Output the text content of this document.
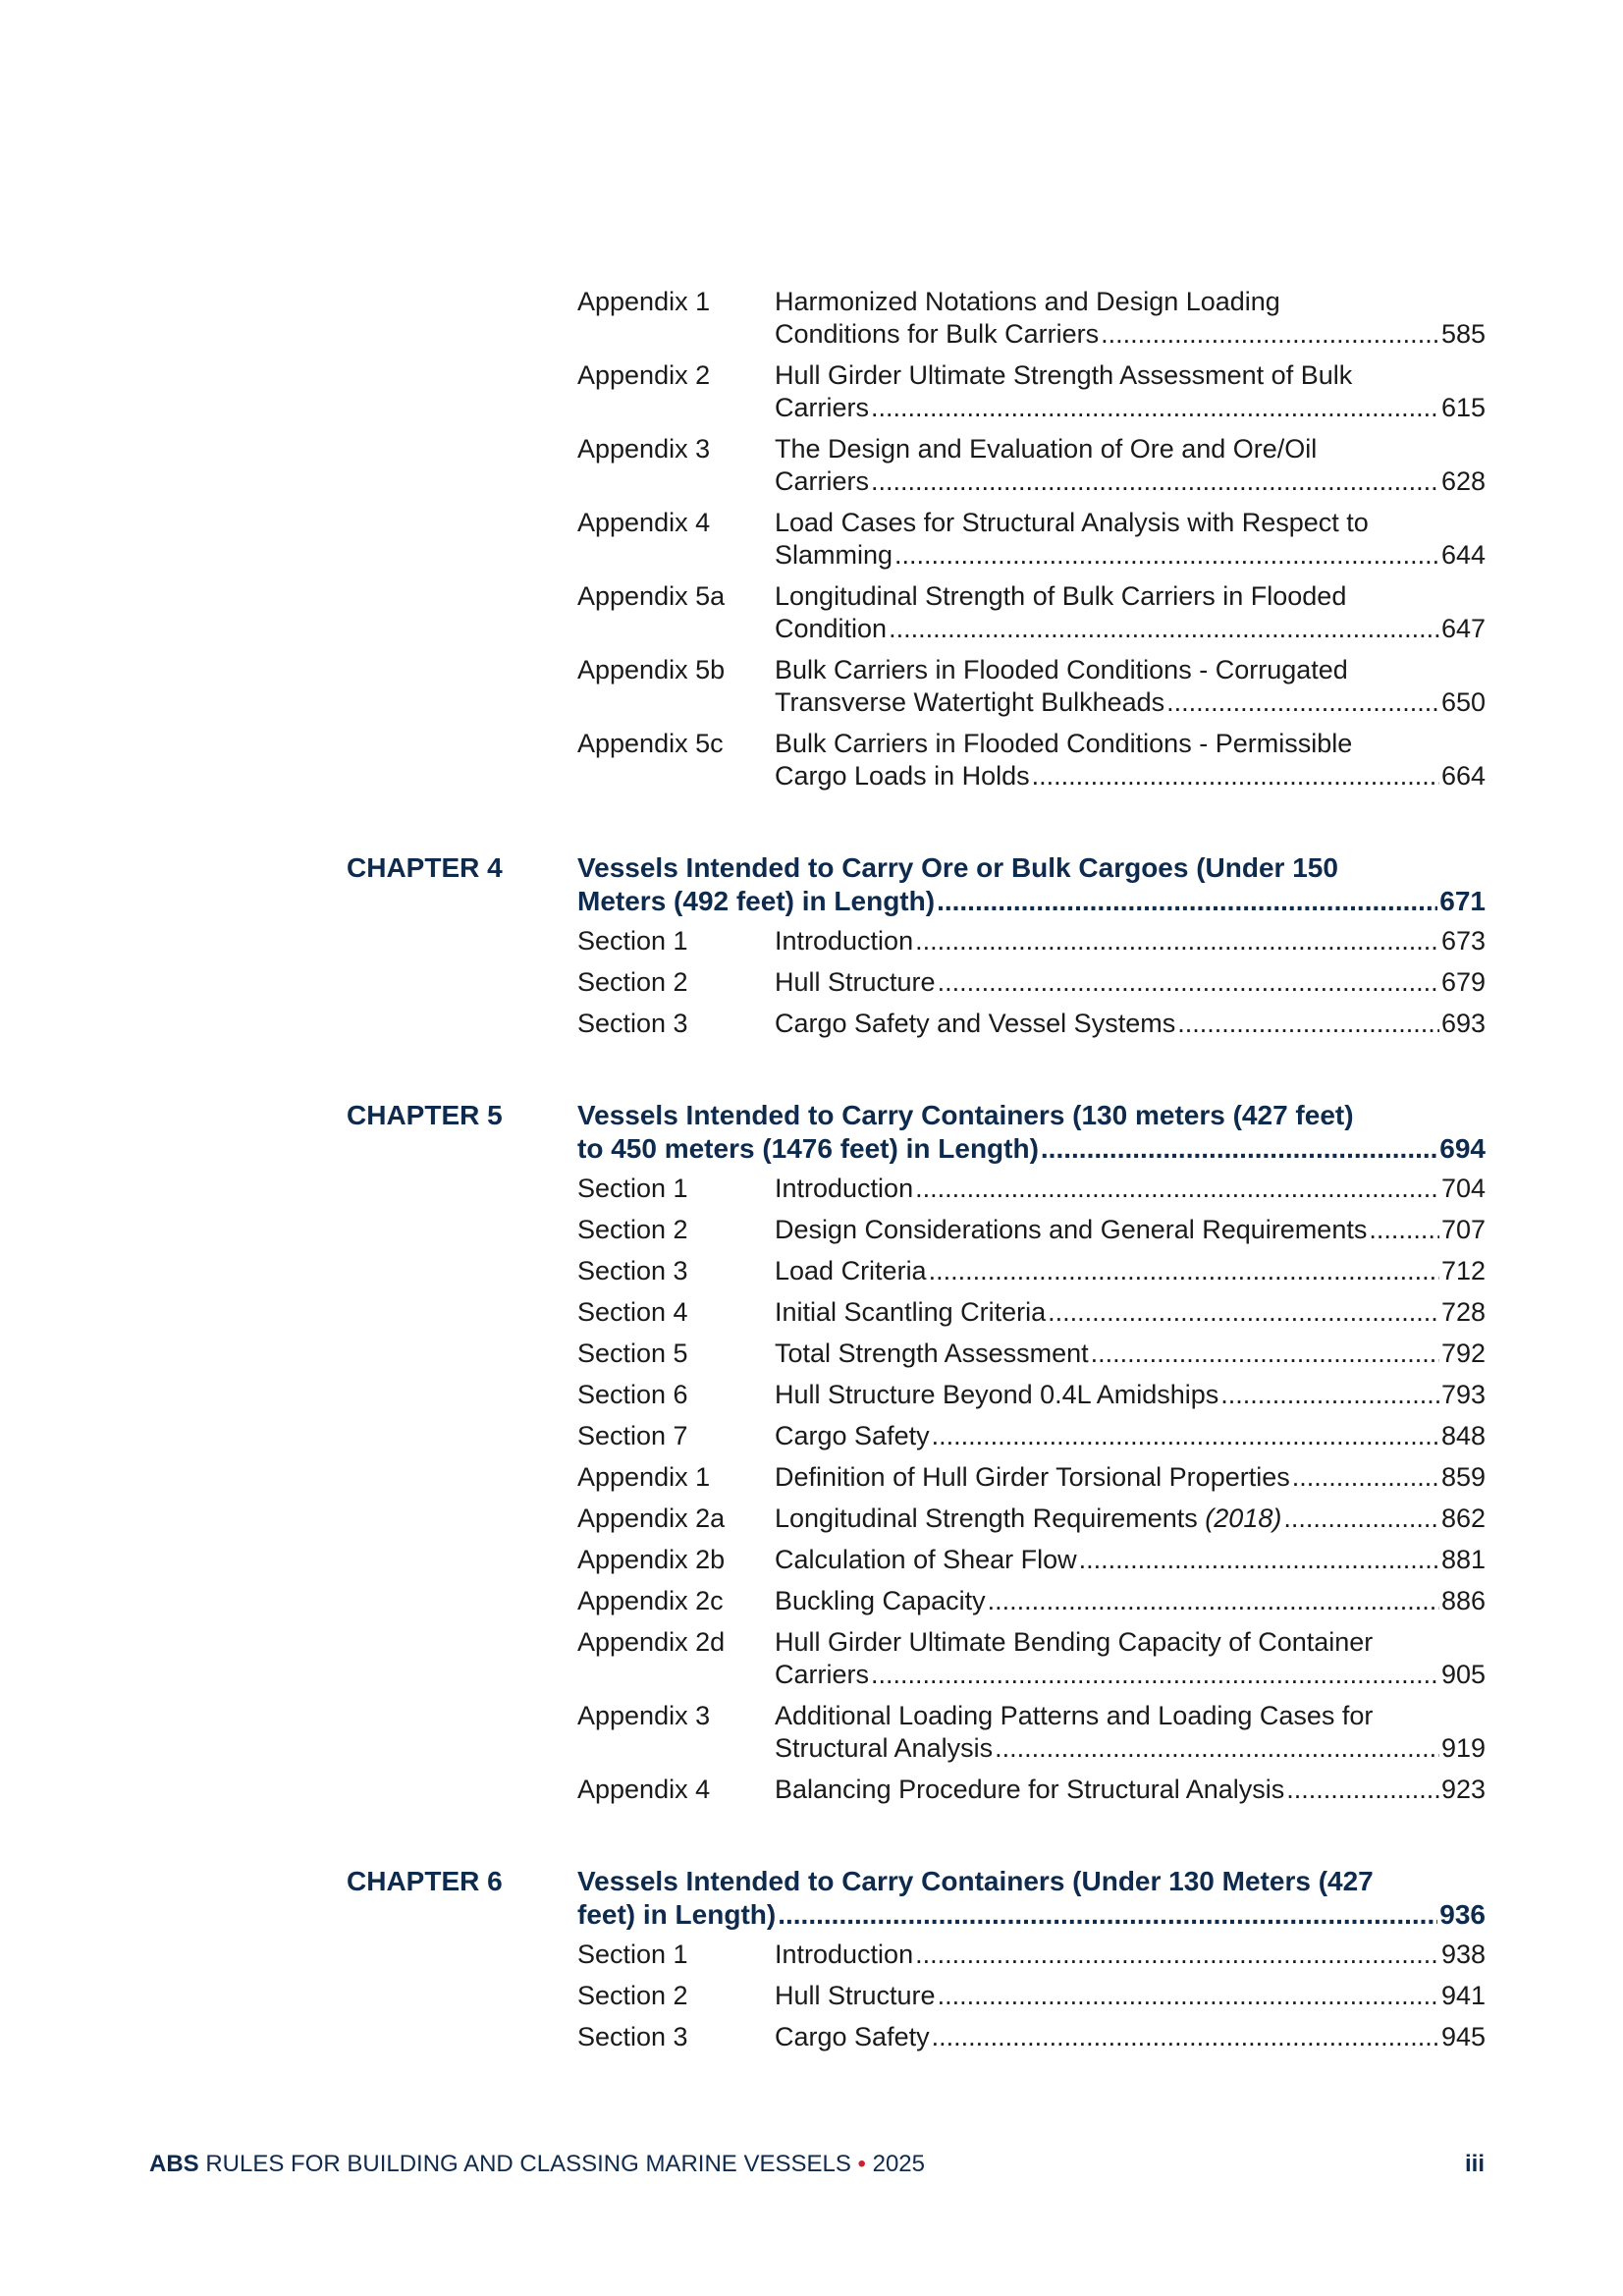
Appendix 1 Harmonized Notations and Design Loading
Conditions for Bulk Carriers .....	585
Appendix 2 Hull Girder Ultimate Strength Assessment of Bulk
Carriers .....	615
Appendix 3 The Design and Evaluation of Ore and Ore/Oil
Carriers .....	628
Appendix 4 Load Cases for Structural Analysis with Respect to
Slamming .....	644
Appendix 5a Longitudinal Strength of Bulk Carriers in Flooded
Condition .....	647
Appendix 5b Bulk Carriers in Flooded Conditions - Corrugated
Transverse Watertight Bulkheads .....	650
Appendix 5c Bulk Carriers in Flooded Conditions - Permissible
Cargo Loads in Holds .....	664
CHAPTER 4	Vessels Intended to Carry Ore or Bulk Cargoes (Under 150
Meters (492 feet) in Length) .....	671
Section 1	Introduction .....	673
Section 2	Hull Structure .....	679
Section 3	Cargo Safety and Vessel Systems .....	693
CHAPTER 5	Vessels Intended to Carry Containers (130 meters (427 feet)
to 450 meters (1476 feet) in Length) .....	694
Section 1	Introduction .....	704
Section 2	Design Considerations and General Requirements .....	707
Section 3	Load Criteria .....	712
Section 4	Initial Scantling Criteria .....	728
Section 5	Total Strength Assessment .....	792
Section 6	Hull Structure Beyond 0.4L Amidships .....	793
Section 7	Cargo Safety .....	848
Appendix 1 Definition of Hull Girder Torsional Properties .....	859
Appendix 2a Longitudinal Strength Requirements (2018) .....	862
Appendix 2b Calculation of Shear Flow .....	881
Appendix 2c Buckling Capacity .....	886
Appendix 2d Hull Girder Ultimate Bending Capacity of Container
Carriers .....	905
Appendix 3 Additional Loading Patterns and Loading Cases for
Structural Analysis .....	919
Appendix 4 Balancing Procedure for Structural Analysis .....	923
CHAPTER 6	Vessels Intended to Carry Containers (Under 130 Meters (427
feet) in Length) .....	936
Section 1	Introduction .....	938
Section 2	Hull Structure .....	941
Section 3	Cargo Safety .....	945
ABS RULES FOR BUILDING AND CLASSING MARINE VESSELS • 2025	iii
